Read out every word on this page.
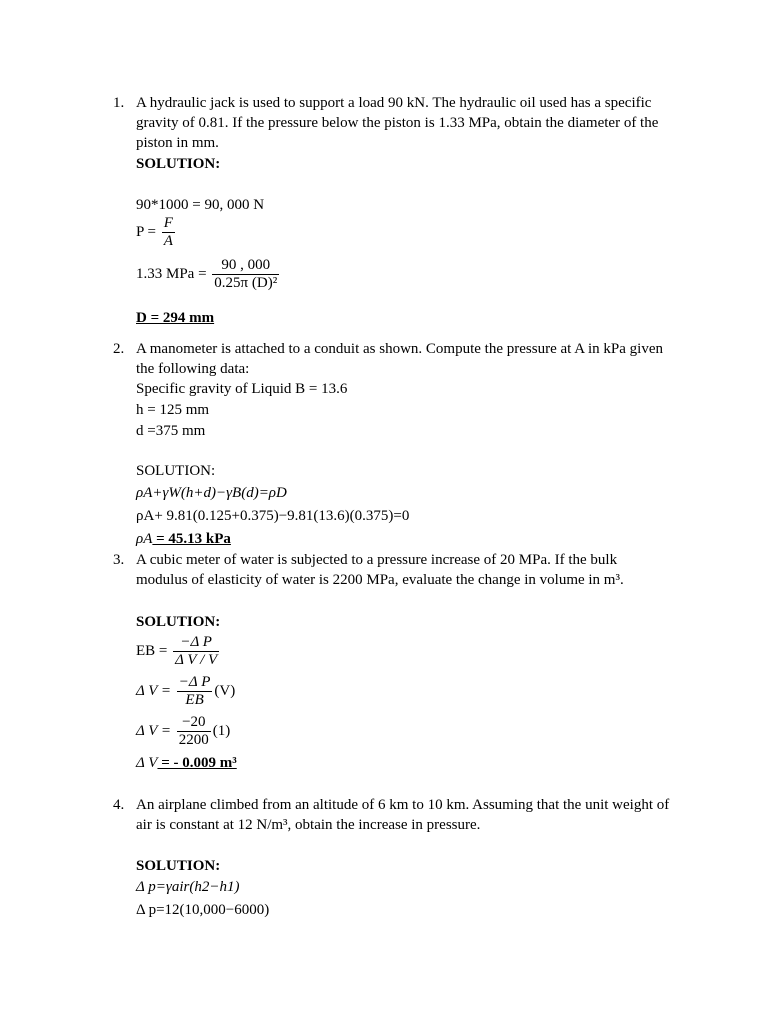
1. A hydraulic jack is used to support a load 90 kN. The hydraulic oil used has a specific
gravity of 0.81. If the pressure below the piston is 1.33 MPa, obtain the diameter of the
piston in mm.
SOLUTION:
90*1000 = 90, 000 N
$P = \frac{F}{A}$
1.33 MPa = $\frac{90 , 000}{\text{0.25π (D)²}}$
D = 294 mm
2. A manometer is attached to a conduit as shown. Compute the pressure at A in kPa given
the following data:
Specific gravity of Liquid B = 13.6
h = 125 mm
d =375 mm
SOLUTION:
ρA+γW(h+d)−γB(d)=ρD
ρA+ 9.81(0.125+0.375)−9.81(13.6)(0.375)=0
ρA = 45.13 kPa
3. A cubic meter of water is subjected to a pressure increase of 20 MPa. If the bulk
modulus of elasticity of water is 2200 MPa, evaluate the change in volume in m³.
SOLUTION:
EB = $\frac{\text{−Δ P}}{\text{Δ V / V}}$
Δ $V = \frac{\text{−Δ P}}{EB} (V)$
Δ $V = \frac{-20}{2200} (1)$
Δ V = - 0.009 m³
4. An airplane climbed from an altitude of 6 km to 10 km. Assuming that the unit weight of
air is constant at 12 N/m³, obtain the increase in pressure.
SOLUTION:
Δ p=γair(h2−h1)
Δ p=12(10,000−6000)
